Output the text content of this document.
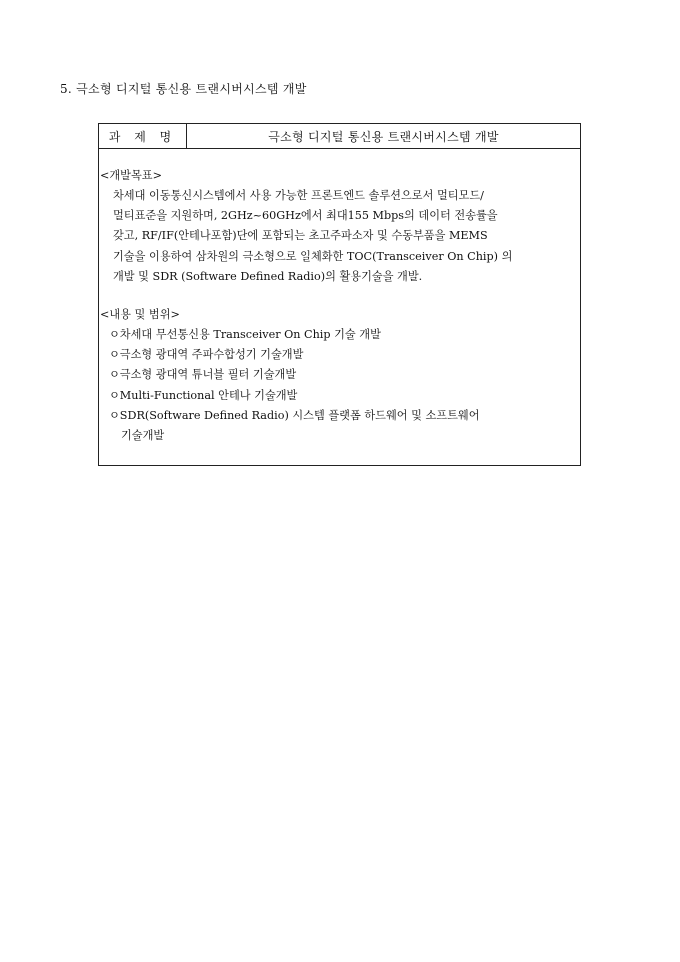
5. 극소형 디지털 통신용 트랜시버시스템 개발
과 제 명	극소형 디지털 통신용 트랜시버시스템 개발
<개발목표>
차세대 이동통신시스템에서 사용 가능한 프론트엔드 솔루션으로서 멀티모드/
멀티표준을 지원하며, 2GHz~60GHz에서 최대155 Mbps의 데이터 전송률을
갖고, RF/IF(안테나포함)단에 포함되는 초고주파소자 및 수동부품을 MEMS
기술을 이용하여 삼차원의 극소형으로 일체화한 TOC(Transceiver On Chip) 의
개발 및 SDR (Software Defined Radio)의 활용기술을 개발.
<내용 및 범위>
ㅇ차세대 무선통신용 Transceiver On Chip 기술 개발
ㅇ극소형 광대역 주파수합성기 기술개발
ㅇ극소형 광대역 튜너블 필터 기술개발
ㅇMulti-Functional 안테나 기술개발
ㅇSDR(Software Defined Radio) 시스템 플랫폼 하드웨어 및 소프트웨어
기술개발
